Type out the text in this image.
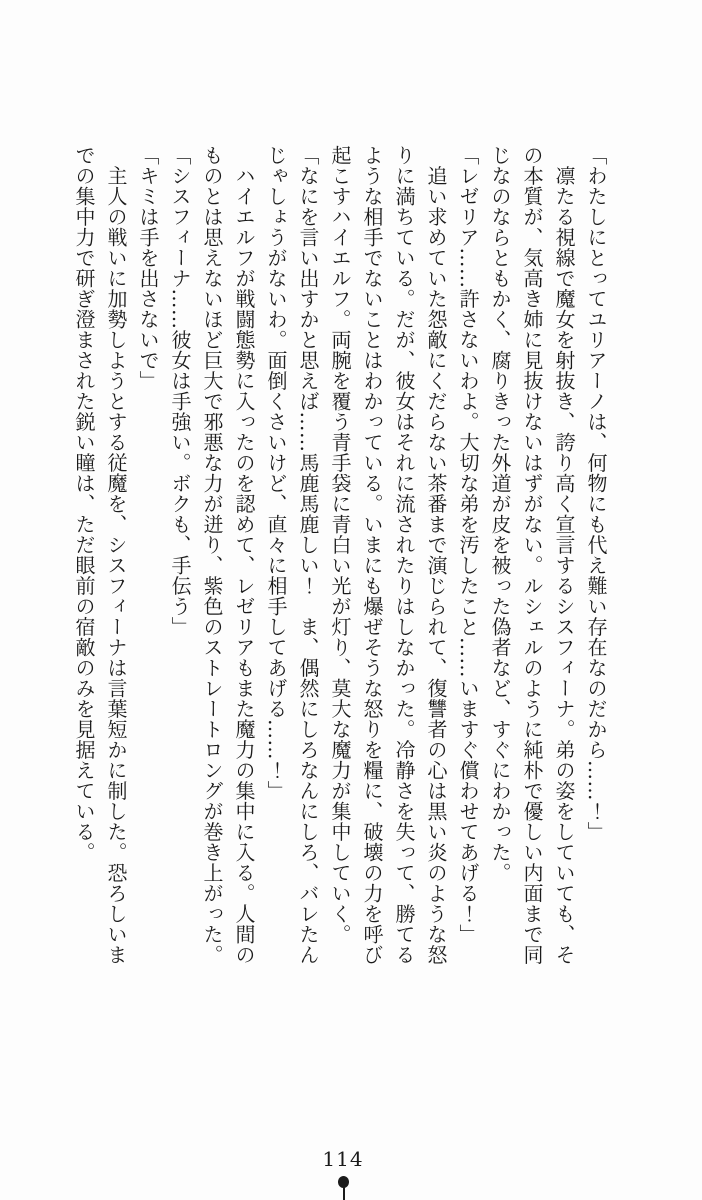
「わたしにとってユリアーノは、何物にも代え難い存在なのだから……！」

　凛たる視線で魔女を射抜き、誇り高く宣言するシスフィーナ。弟の姿をしていても、そ

の本質が、気高き姉に見抜けないはずがない。ルシェルのように純朴で優しい内面まで同

じなのならともかく、腐りきった外道が皮を被った偽者など、すぐにわかった。

「レゼリア……許さないわよ。大切な弟を汚したこと……いますぐ償わせてあげる！」

　追い求めていた怨敵にくだらない茶番まで演じられて、復讐者の心は黒い炎のような怒

りに満ちている。だが、彼女はそれに流されたりはしなかった。冷静さを失って、勝てる

ような相手でないことはわかっている。いまにも爆ぜそうな怒りを糧に、破壊の力を呼び

起こすハイエルフ。両腕を覆う青手袋に青白い光が灯り、莫大な魔力が集中していく。

「なにを言い出すかと思えば……馬鹿馬鹿しい！　ま、偶然にしろなんにしろ、バレたん

じゃしょうがないわ。面倒くさいけど、直々に相手してあげる……！」

　ハイエルフが戦闘態勢に入ったのを認めて、レゼリアもまた魔力の集中に入る。人間の

ものとは思えないほど巨大で邪悪な力が迸り、紫色のストレートロングが巻き上がった。

「シスフィーナ……彼女は手強い。ボクも、手伝う」

「キミは手を出さないで」

　主人の戦いに加勢しようとする従魔を、シスフィーナは言葉短かに制した。恐ろしいま

での集中力で研ぎ澄まされた鋭い瞳は、ただ眼前の宿敵のみを見据えている。

114
